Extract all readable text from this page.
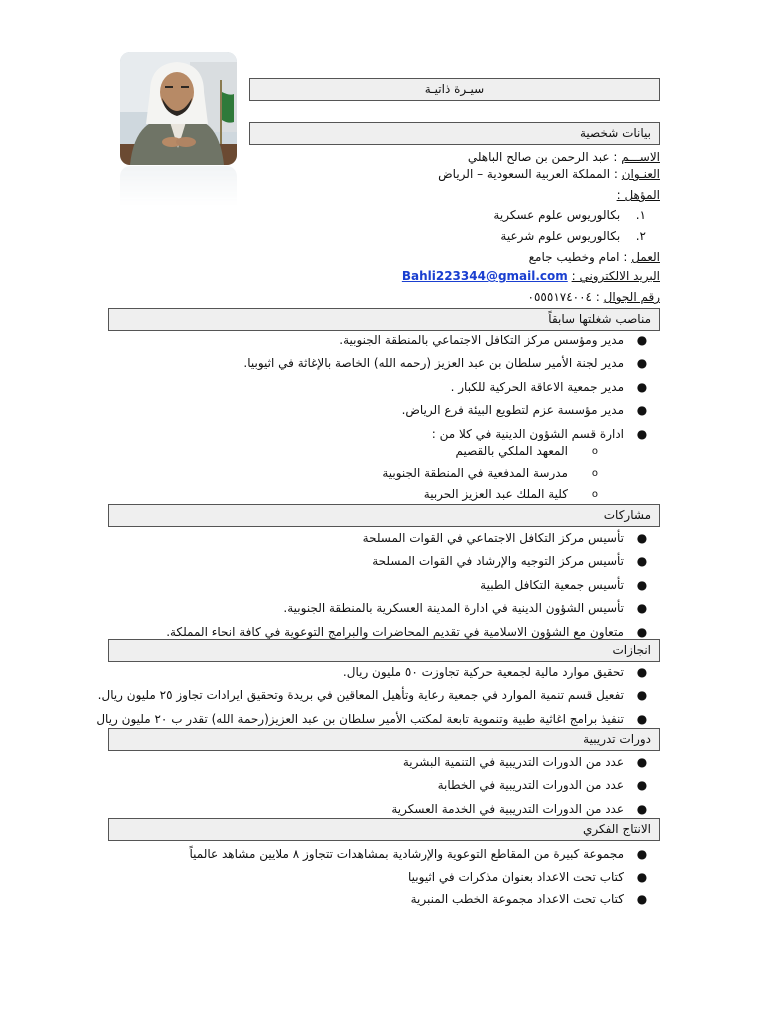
سيـرة ذاتيـة
بيانات شخصية
الاســـم : عبد الرحمن بن صالح الباهلي
العنـوان : المملكة العربية السعودية – الرياض
المؤهل :
١. بكالوريوس علوم عسكرية
٢. بكالوريوس علوم شرعية
العمل : امام وخطيب جامع
البريد الالكتروني : Bahli223344@gmail.com
رقم الجوال : ٠٥٥٥١٧٤٠٠٤
مناصب شغلتها سابقاً
●
مدير ومؤسس مركز التكافل الاجتماعي بالمنطقة الجنوبية.
●
مدير لجنة الأمير سلطان بن عبد العزيز (رحمه الله) الخاصة بالإغاثة في اثيوبيا.
●
مدير جمعية الاعاقة الحركية للكبار .
●
مدير مؤسسة عزم لتطويع البيئة فرع الرياض.
●
ادارة قسم الشؤون الدينية في كلا من :
o
المعهد الملكي بالقصيم
o
مدرسة المدفعية في المنطقة الجنوبية
o
كلية الملك عبد العزيز الحربية
مشاركات
●
تأسيس مركز التكافل الاجتماعي في القوات المسلحة
●
تأسيس مركز التوجيه والإرشاد في القوات المسلحة
●
تأسيس جمعية التكافل الطبية
●
تأسيس الشؤون الدينية في ادارة المدينة العسكرية بالمنطقة الجنوبية.
●
متعاون مع الشؤون الاسلامية في تقديم المحاضرات والبرامج التوعوية في كافة انحاء المملكة.
انجازات
●
تحقيق موارد مالية لجمعية حركية تجاوزت ٥٠ مليون ريال.
●
تفعيل قسم تنمية الموارد في جمعية رعاية وتأهيل المعاقين في بريدة وتحقيق ايرادات تجاوز ٢٥ مليون ريال.
●
تنفيذ برامج اغاثية طبية وتنموية تابعة لمكتب الأمير سلطان بن عبد العزيز(رحمة الله) تقدر ب ٢٠ مليون ريال
دورات تدريبية
●
عدد من الدورات التدريبية في التنمية البشرية
●
عدد من الدورات التدريبية في الخطابة
●
عدد من الدورات التدريبية في الخدمة العسكرية
الانتاج الفكري
●
مجموعة كبيرة من المقاطع التوعوية والإرشادية بمشاهدات تتجاوز ٨ ملايين مشاهد عالمياً
●
كتاب تحت الاعداد بعنوان مذكرات في اثيوبيا
●
كتاب تحت الاعداد مجموعة الخطب المنبرية
